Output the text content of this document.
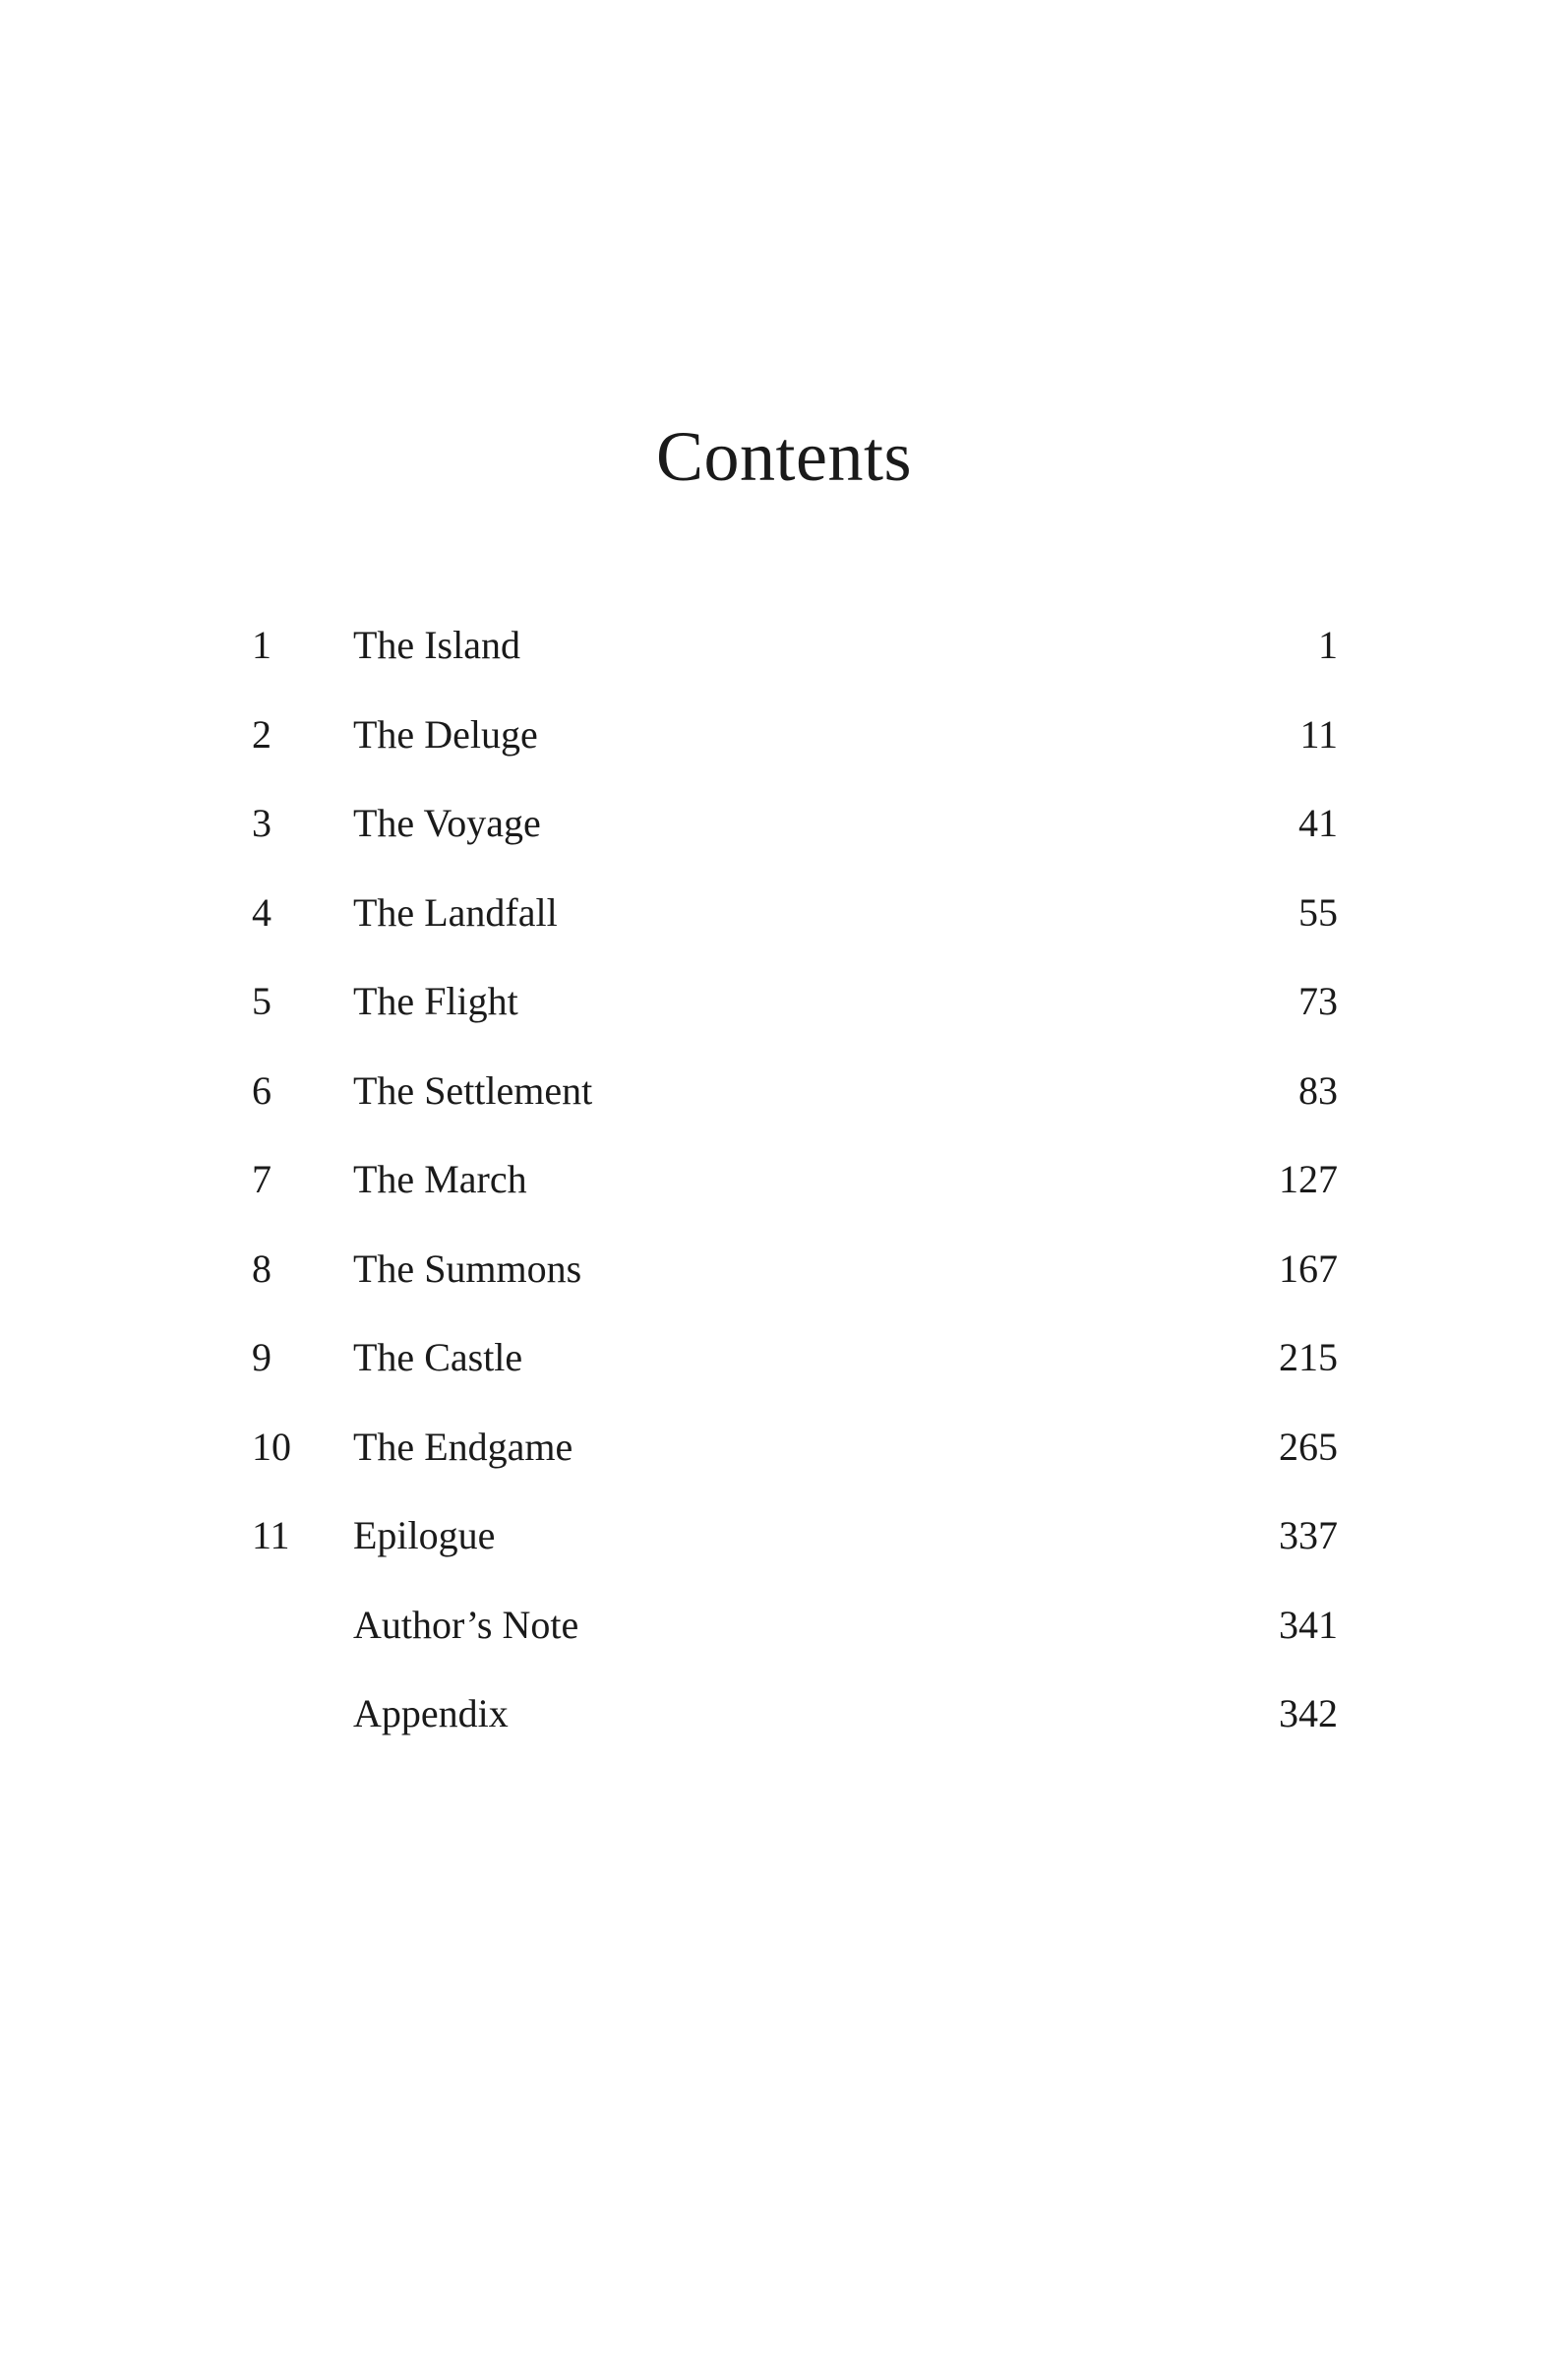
Contents
1 The Island	1
2 The Deluge	11
3 The Voyage	41
4 The Landfall	55
5 The Flight	73
6 The Settlement	83
7 The March	127
8 The Summons	167
9 The Castle	215
10 The Endgame	265
11 Epilogue	337
Author’s Note	341
Appendix	342
